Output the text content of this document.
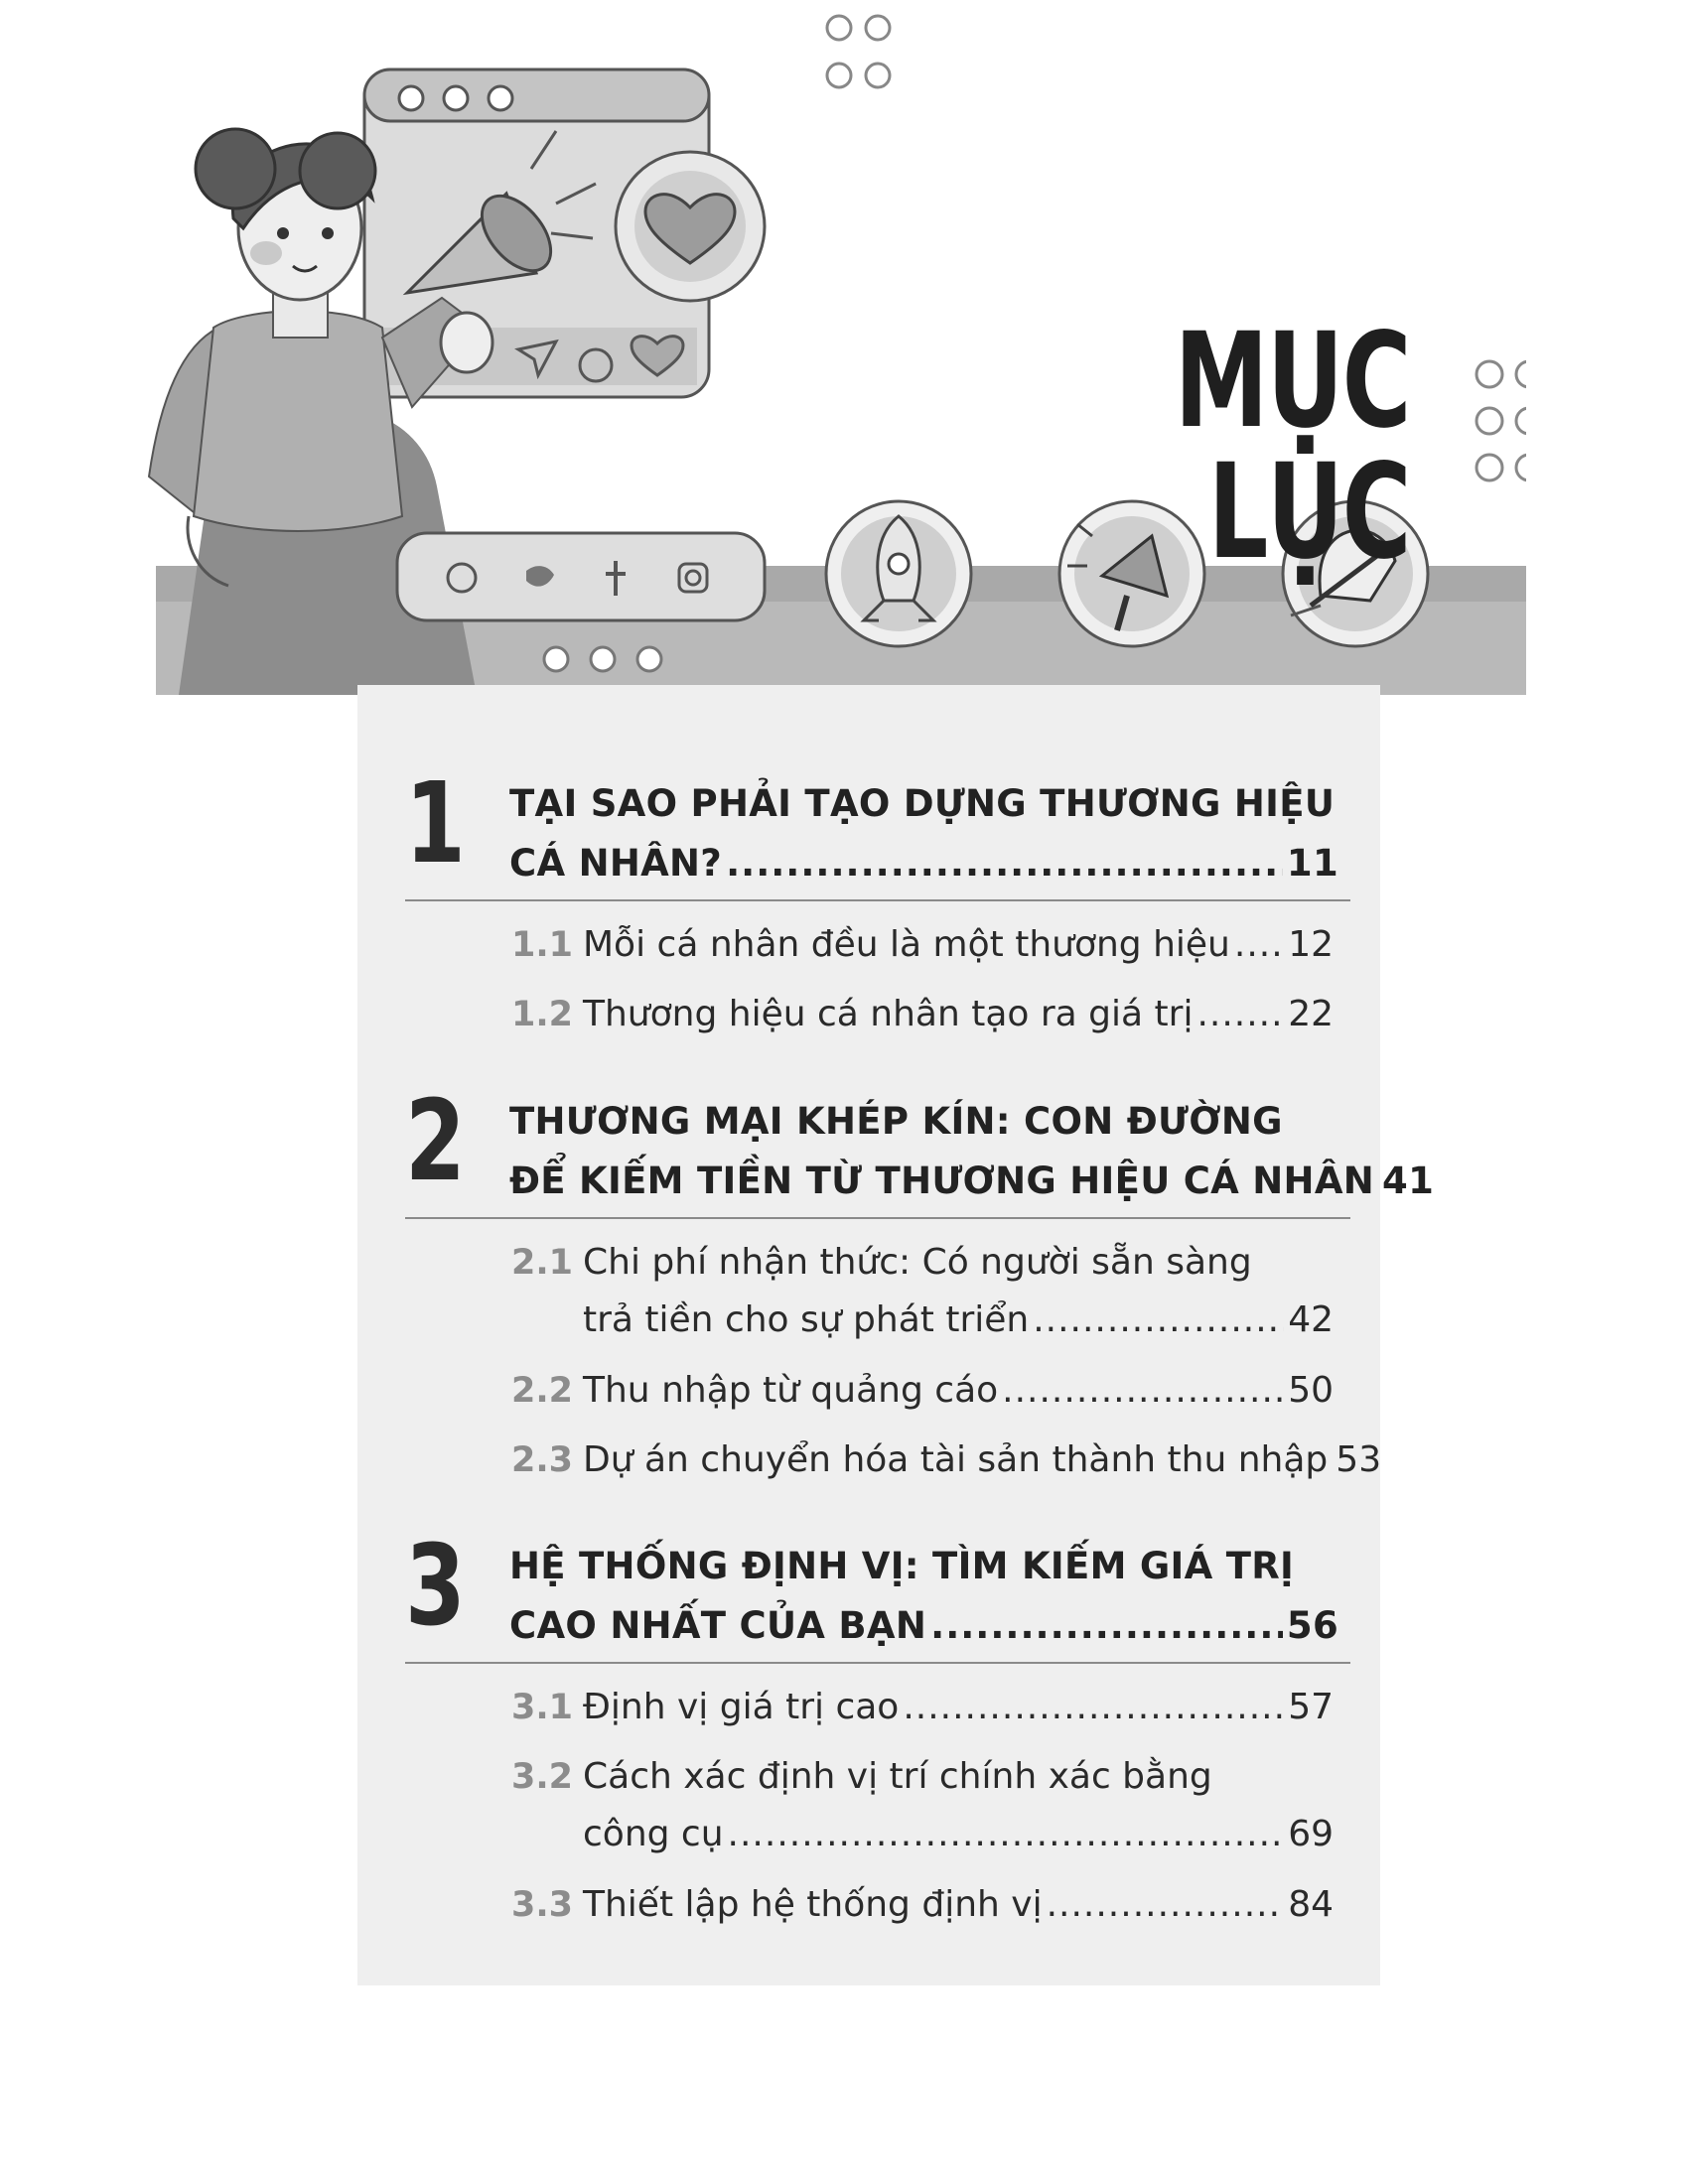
MỤC LỤC
1 TẠI SAO PHẢI TẠO DỰNG THƯƠNG HIỆU
CÁ NHÂN? .....	11
1.1 Mỗi cá nhân đều là một thương hiệu ..... 12
1.2 Thương hiệu cá nhân tạo ra giá trị .....	22
2 THƯƠNG MẠI KHÉP KÍN: CON ĐƯỜNG
ĐỂ KIẾM TIỀN TỪ THƯƠNG HIỆU CÁ NHÂN 41
2.1 Chi phí nhận thức: Có người sẵn sàng
trả tiền cho sự phát triển .....	42
2.2 Thu nhập từ quảng cáo .....	50
2.3 Dự án chuyển hóa tài sản thành thu nhập 53
3 HỆ THỐNG ĐỊNH VỊ: TÌM KIẾM GIÁ TRỊ
CAO NHẤT CỦA BẠN .....	56
3.1 Định vị giá trị cao .....	57
3.2 Cách xác định vị trí chính xác bằng
công cụ .....	69
3.3 Thiết lập hệ thống định vị .....	84
